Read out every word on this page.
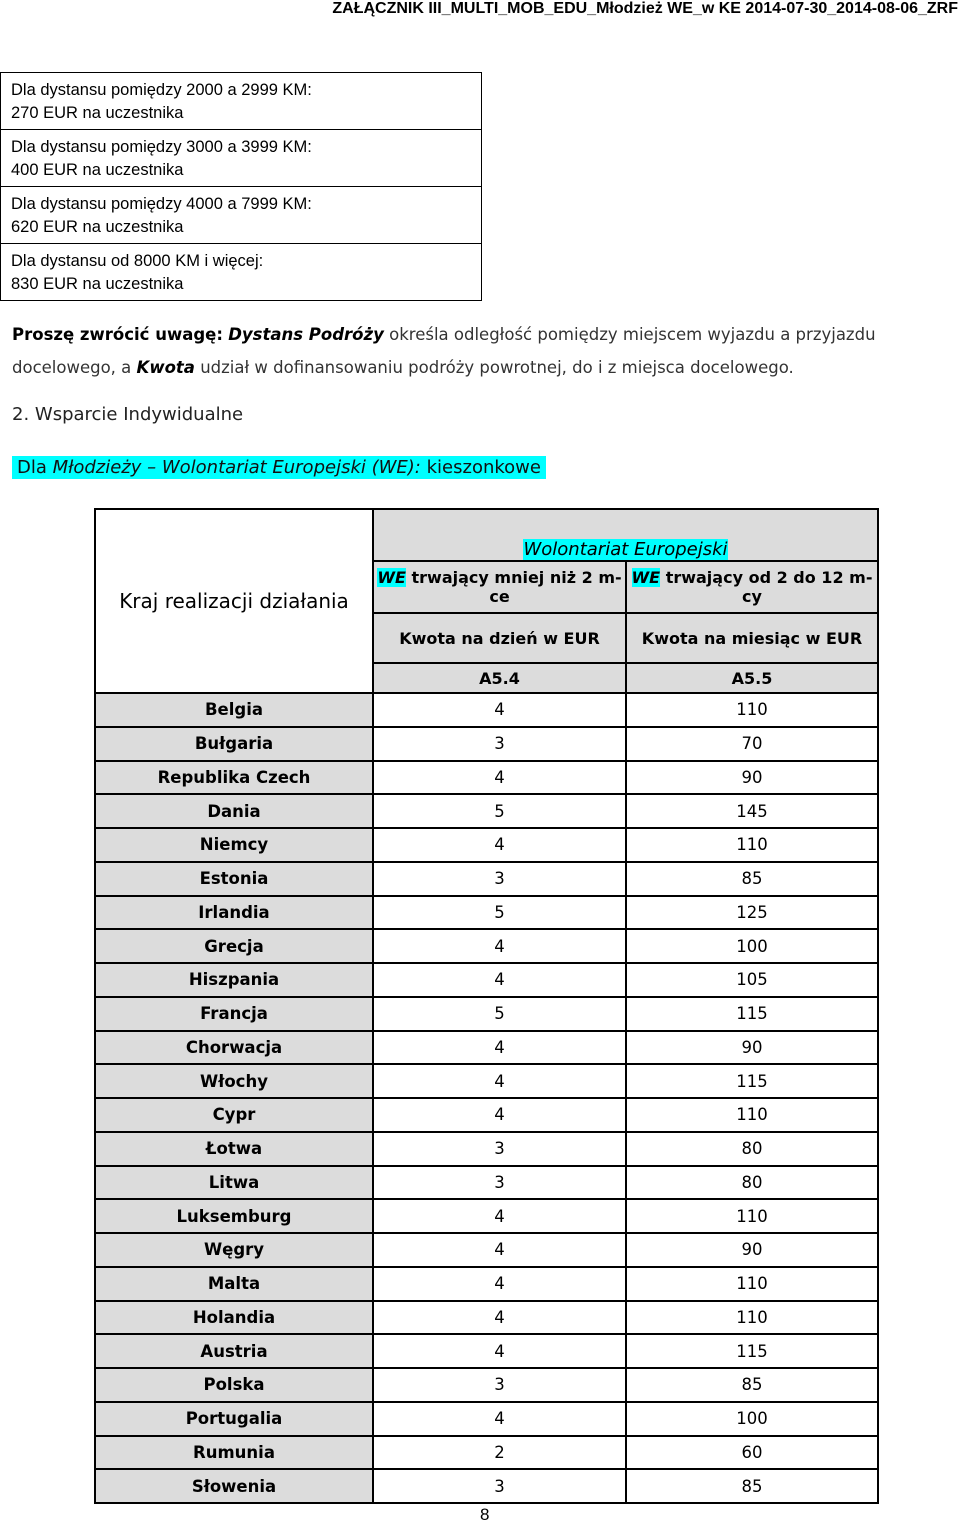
ZAŁĄCZNIK III_MULTI_MOB_EDU_Młodzież WE_w KE 2014-07-30_2014-08-06_ZRF
Dla dystansu pomiędzy 2000 a 2999 KM:
270 EUR na uczestnika

Dla dystansu pomiędzy 3000 a 3999 KM:
400 EUR na uczestnika

Dla dystansu pomiędzy 4000 a 7999 KM:
620 EUR na uczestnika

Dla dystansu od 8000 KM i więcej:
830 EUR na uczestnika
Proszę zwrócić uwagę: Dystans Podróży określa odległość pomiędzy miejscem wyjazdu a przyjazdu docelowego, a Kwota udział w dofinansowaniu podróży powrotnej, do i z miejsca docelowego.
2. Wsparcie Indywidualne
Dla Młodzieży – Wolontariat Europejski (WE): kieszonkowe
Kraj realizacji działania	Wolontariat Europejski	
	WE trwający mniej niż 2 m-ce	WE trwający od 2 do 12 m-cy
	Kwota na dzień w EUR	Kwota na miesiąc w EUR
	A5.4	A5.5
Belgia	4	110
Bułgaria	3	70
Republika Czech	4	90
Dania	5	145
Niemcy	4	110
Estonia	3	85
Irlandia	5	125
Grecja	4	100
Hiszpania	4	105
Francja	5	115
Chorwacja	4	90
Włochy	4	115
Cypr	4	110
Łotwa	3	80
Litwa	3	80
Luksemburg	4	110
Węgry	4	90
Malta	4	110
Holandia	4	110
Austria	4	115
Polska	3	85
Portugalia	4	100
Rumunia	2	60
Słowenia	3	85
8
